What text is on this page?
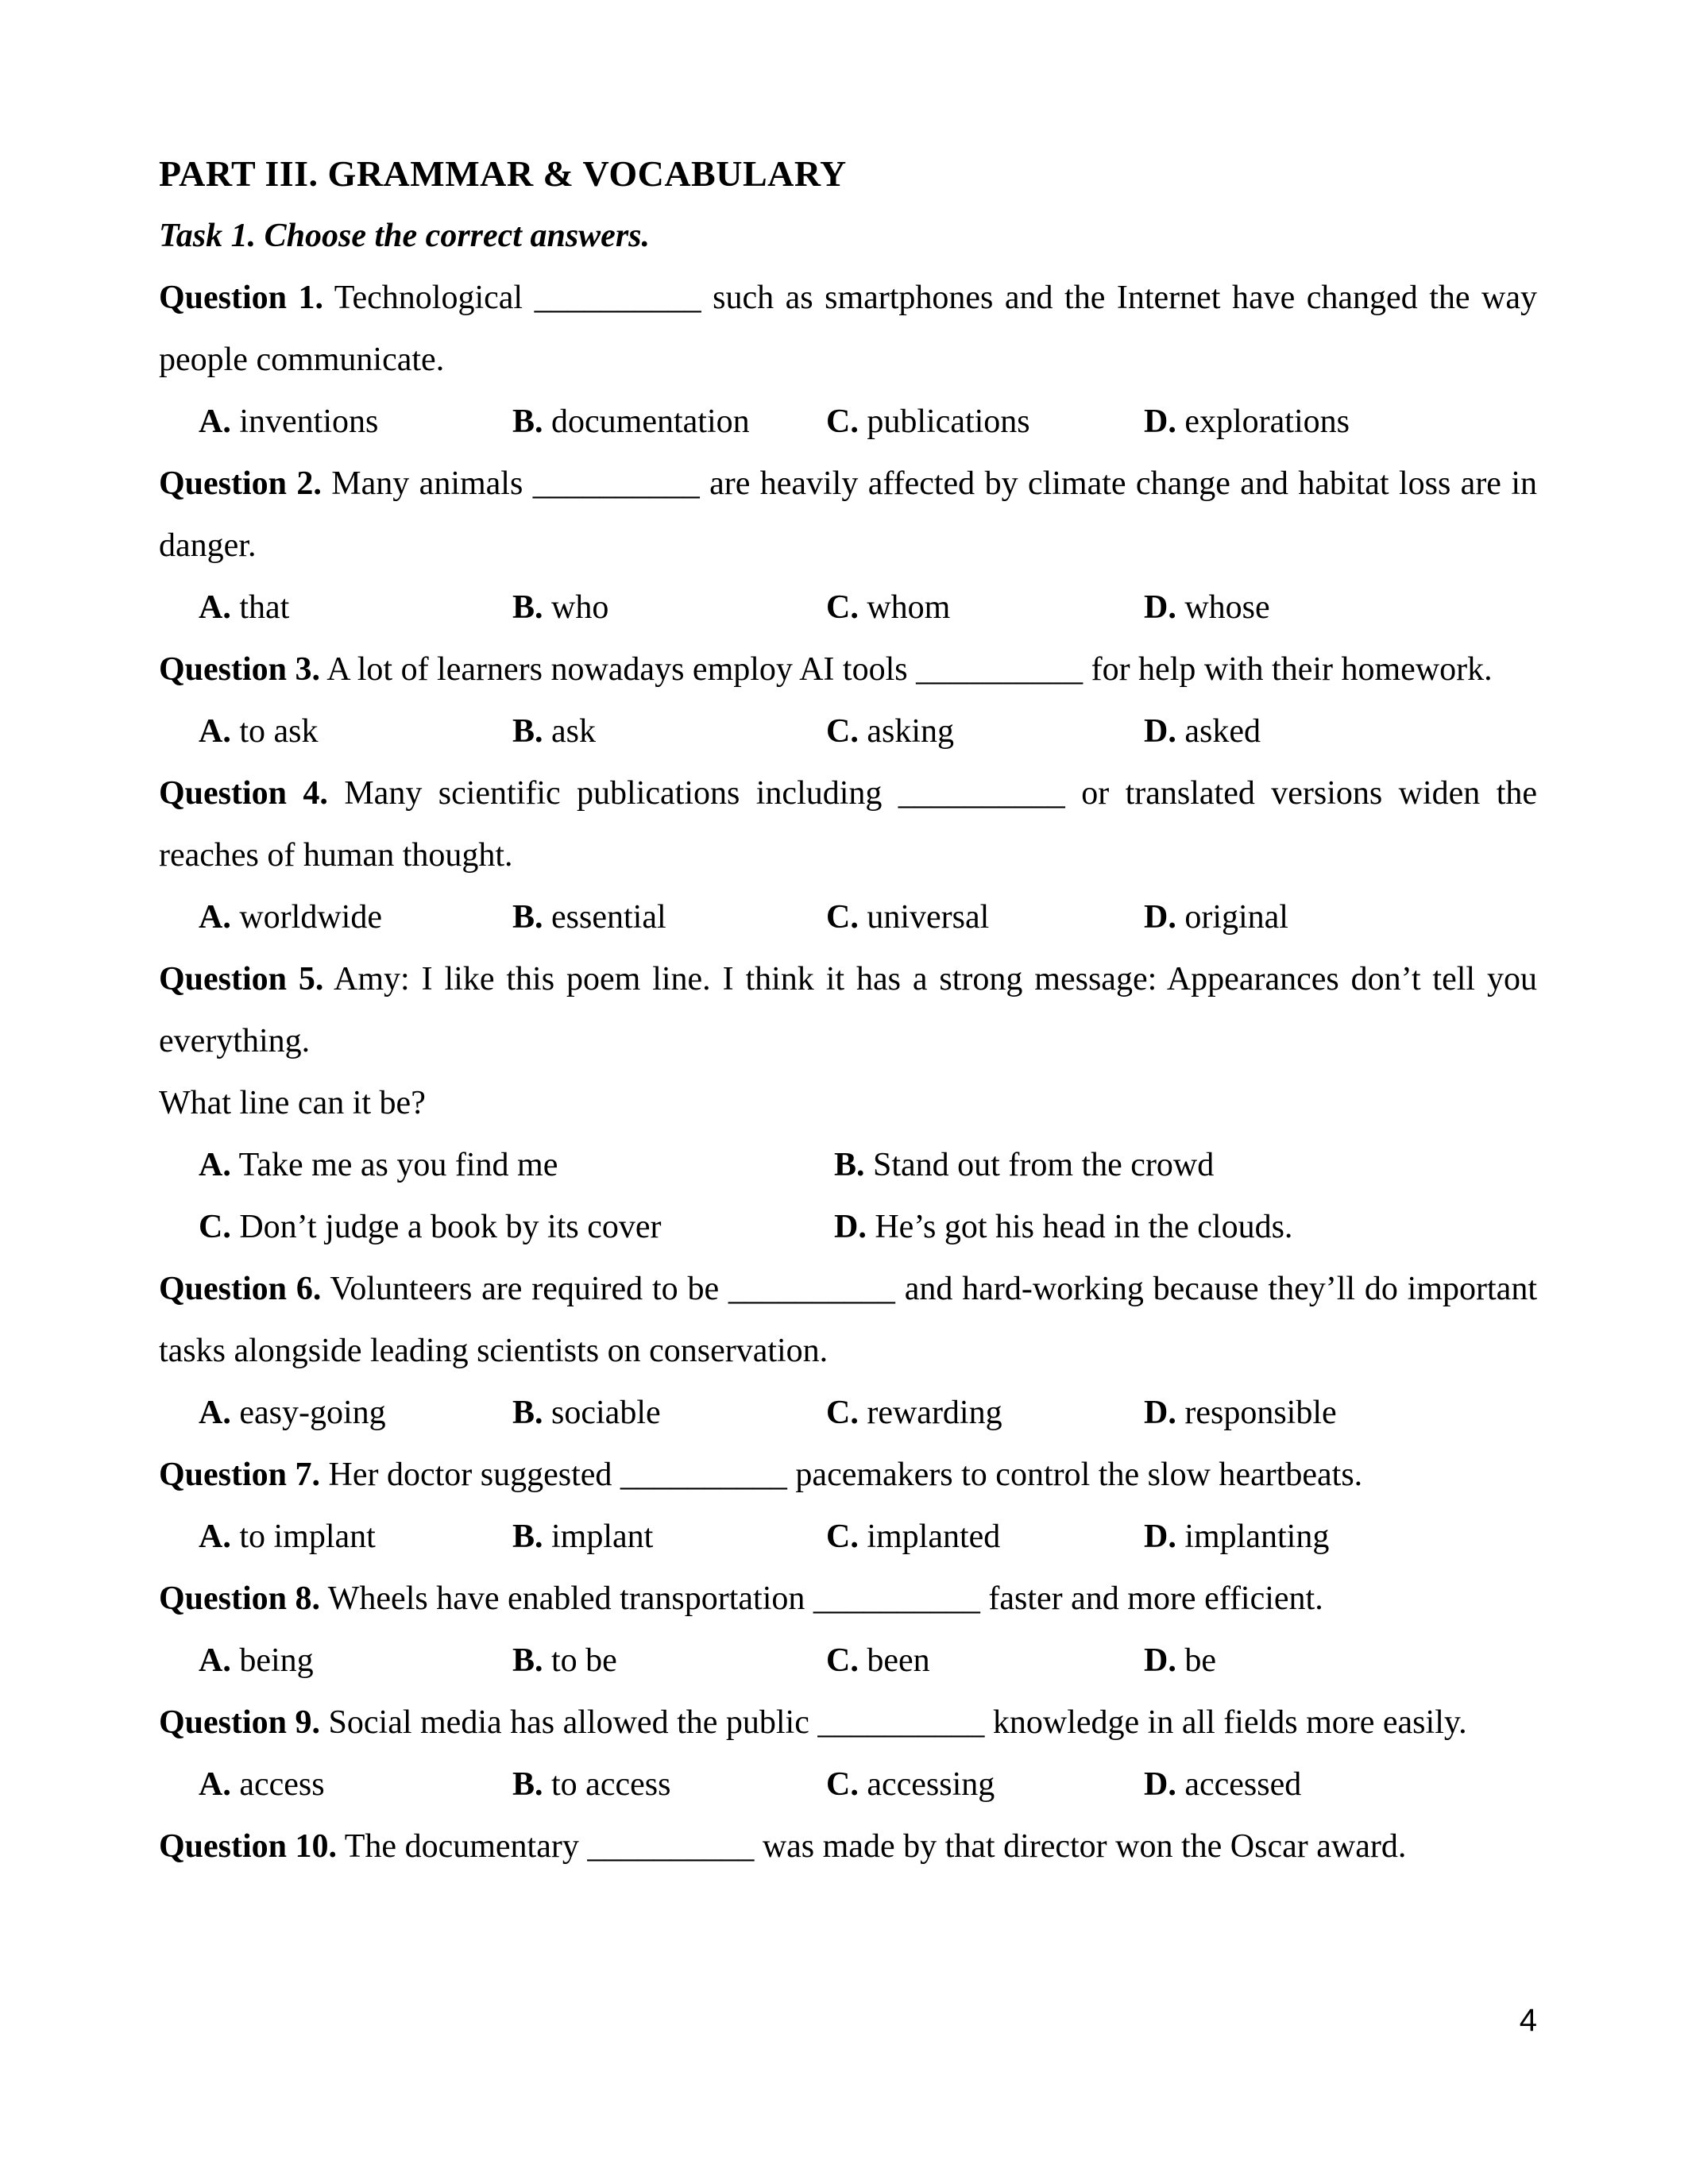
PART III. GRAMMAR & VOCABULARY
Task 1. Choose the correct answers.

Question 1. Technological __________ such as smartphones and the Internet have changed the way people communicate.

A. inventions	B. documentation	C. publications	D. explorations

Question 2. Many animals __________ are heavily affected by climate change and habitat loss are in danger.

A. that	B. who	C. whom	D. whose

Question 3. A lot of learners nowadays employ AI tools __________ for help with their homework.

A. to ask	B. ask	C. asking	D. asked

Question 4. Many scientific publications including __________ or translated versions widen the reaches of human thought.

A. worldwide	B. essential	C. universal	D. original

Question 5. Amy: I like this poem line. I think it has a strong message: Appearances don’t tell you everything.

What line can it be?

A. Take me as you find me	B. Stand out from the crowd
C. Don’t judge a book by its cover	D. He’s got his head in the clouds.

Question 6. Volunteers are required to be __________ and hard-working because they’ll do important tasks alongside leading scientists on conservation.

A. easy-going	B. sociable	C. rewarding	D. responsible

Question 7. Her doctor suggested __________ pacemakers to control the slow heartbeats.

A. to implant	B. implant	C. implanted	D. implanting

Question 8. Wheels have enabled transportation __________ faster and more efficient.

A. being	B. to be	C. been	D. be

Question 9. Social media has allowed the public __________ knowledge in all fields more easily.

A. access	B. to access	C. accessing	D. accessed

Question 10. The documentary __________ was made by that director won the Oscar award.

4
